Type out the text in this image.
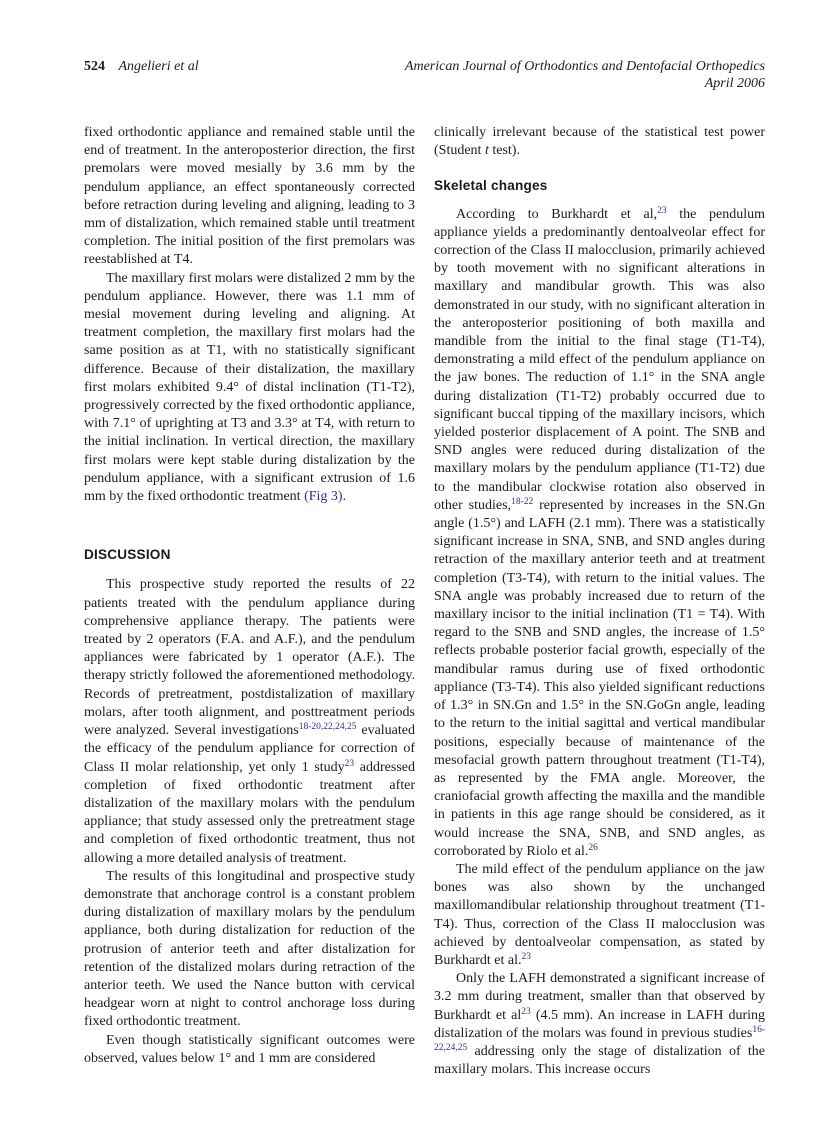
524 Angelieri et al	American Journal of Orthodontics and Dentofacial Orthopedics
April 2006

fixed orthodontic appliance and remained stable until the end of treatment. In the anteroposterior direction, the first premolars were moved mesially by 3.6 mm by the pendulum appliance, an effect spontaneously corrected before retraction during leveling and aligning, leading to 3 mm of distalization, which remained stable until treatment completion. The initial position of the first premolars was reestablished at T4.

The maxillary first molars were distalized 2 mm by the pendulum appliance. However, there was 1.1 mm of mesial movement during leveling and aligning. At treatment completion, the maxillary first molars had the same position as at T1, with no statistically significant difference. Because of their distalization, the maxillary first molars exhibited 9.4° of distal inclination (T1-T2), progressively corrected by the fixed orthodontic appliance, with 7.1° of uprighting at T3 and 3.3° at T4, with return to the initial inclination. In vertical direction, the maxillary first molars were kept stable during distalization by the pendulum appliance, with a significant extrusion of 1.6 mm by the fixed orthodontic treatment (Fig 3).

DISCUSSION

This prospective study reported the results of 22 patients treated with the pendulum appliance during comprehensive appliance therapy. The patients were treated by 2 operators (F.A. and A.F.), and the pendulum appliances were fabricated by 1 operator (A.F.). The therapy strictly followed the aforementioned methodology. Records of pretreatment, postdistalization of maxillary molars, after tooth alignment, and posttreatment periods were analyzed. Several investigations$^{18-20,22,24,25}$ evaluated the efficacy of the pendulum appliance for correction of Class II molar relationship, yet only 1 study$^{23}$ addressed completion of fixed orthodontic treatment after distalization of the maxillary molars with the pendulum appliance; that study assessed only the pretreatment stage and completion of fixed orthodontic treatment, thus not allowing a more detailed analysis of treatment.

The results of this longitudinal and prospective study demonstrate that anchorage control is a constant problem during distalization of maxillary molars by the pendulum appliance, both during distalization for reduction of the protrusion of anterior teeth and after distalization for retention of the distalized molars during retraction of the anterior teeth. We used the Nance button with cervical headgear worn at night to control anchorage loss during fixed orthodontic treatment.

Even though statistically significant outcomes were observed, values below 1° and 1 mm are considered

clinically irrelevant because of the statistical test power (Student t test).

Skeletal changes

According to Burkhardt et al,$^{23}$ the pendulum appliance yields a predominantly dentoalveolar effect for correction of the Class II malocclusion, primarily achieved by tooth movement with no significant alterations in maxillary and mandibular growth. This was also demonstrated in our study, with no significant alteration in the anteroposterior positioning of both maxilla and mandible from the initial to the final stage (T1-T4), demonstrating a mild effect of the pendulum appliance on the jaw bones. The reduction of 1.1° in the SNA angle during distalization (T1-T2) probably occurred due to significant buccal tipping of the maxillary incisors, which yielded posterior displacement of A point. The SNB and SND angles were reduced during distalization of the maxillary molars by the pendulum appliance (T1-T2) due to the mandibular clockwise rotation also observed in other studies,$^{18-22}$ represented by increases in the SN.Gn angle (1.5°) and LAFH (2.1 mm). There was a statistically significant increase in SNA, SNB, and SND angles during retraction of the maxillary anterior teeth and at treatment completion (T3-T4), with return to the initial values. The SNA angle was probably increased due to return of the maxillary incisor to the initial inclination (T1 = T4). With regard to the SNB and SND angles, the increase of 1.5° reflects probable posterior facial growth, especially of the mandibular ramus during use of fixed orthodontic appliance (T3-T4). This also yielded significant reductions of 1.3° in SN.Gn and 1.5° in the SN.GoGn angle, leading to the return to the initial sagittal and vertical mandibular positions, especially because of maintenance of the mesofacial growth pattern throughout treatment (T1-T4), as represented by the FMA angle. Moreover, the craniofacial growth affecting the maxilla and the mandible in patients in this age range should be considered, as it would increase the SNA, SNB, and SND angles, as corroborated by Riolo et al.$^{26}$

The mild effect of the pendulum appliance on the jaw bones was also shown by the unchanged maxillomandibular relationship throughout treatment (T1-T4). Thus, correction of the Class II malocclusion was achieved by dentoalveolar compensation, as stated by Burkhardt et al.$^{23}$

Only the LAFH demonstrated a significant increase of 3.2 mm during treatment, smaller than that observed by Burkhardt et $al^{23}$ (4.5 mm). An increase in LAFH during distalization of the molars was found in previous studies$^{16-22,24,25}$ addressing only the stage of distalization of the maxillary molars. This increase occurs
